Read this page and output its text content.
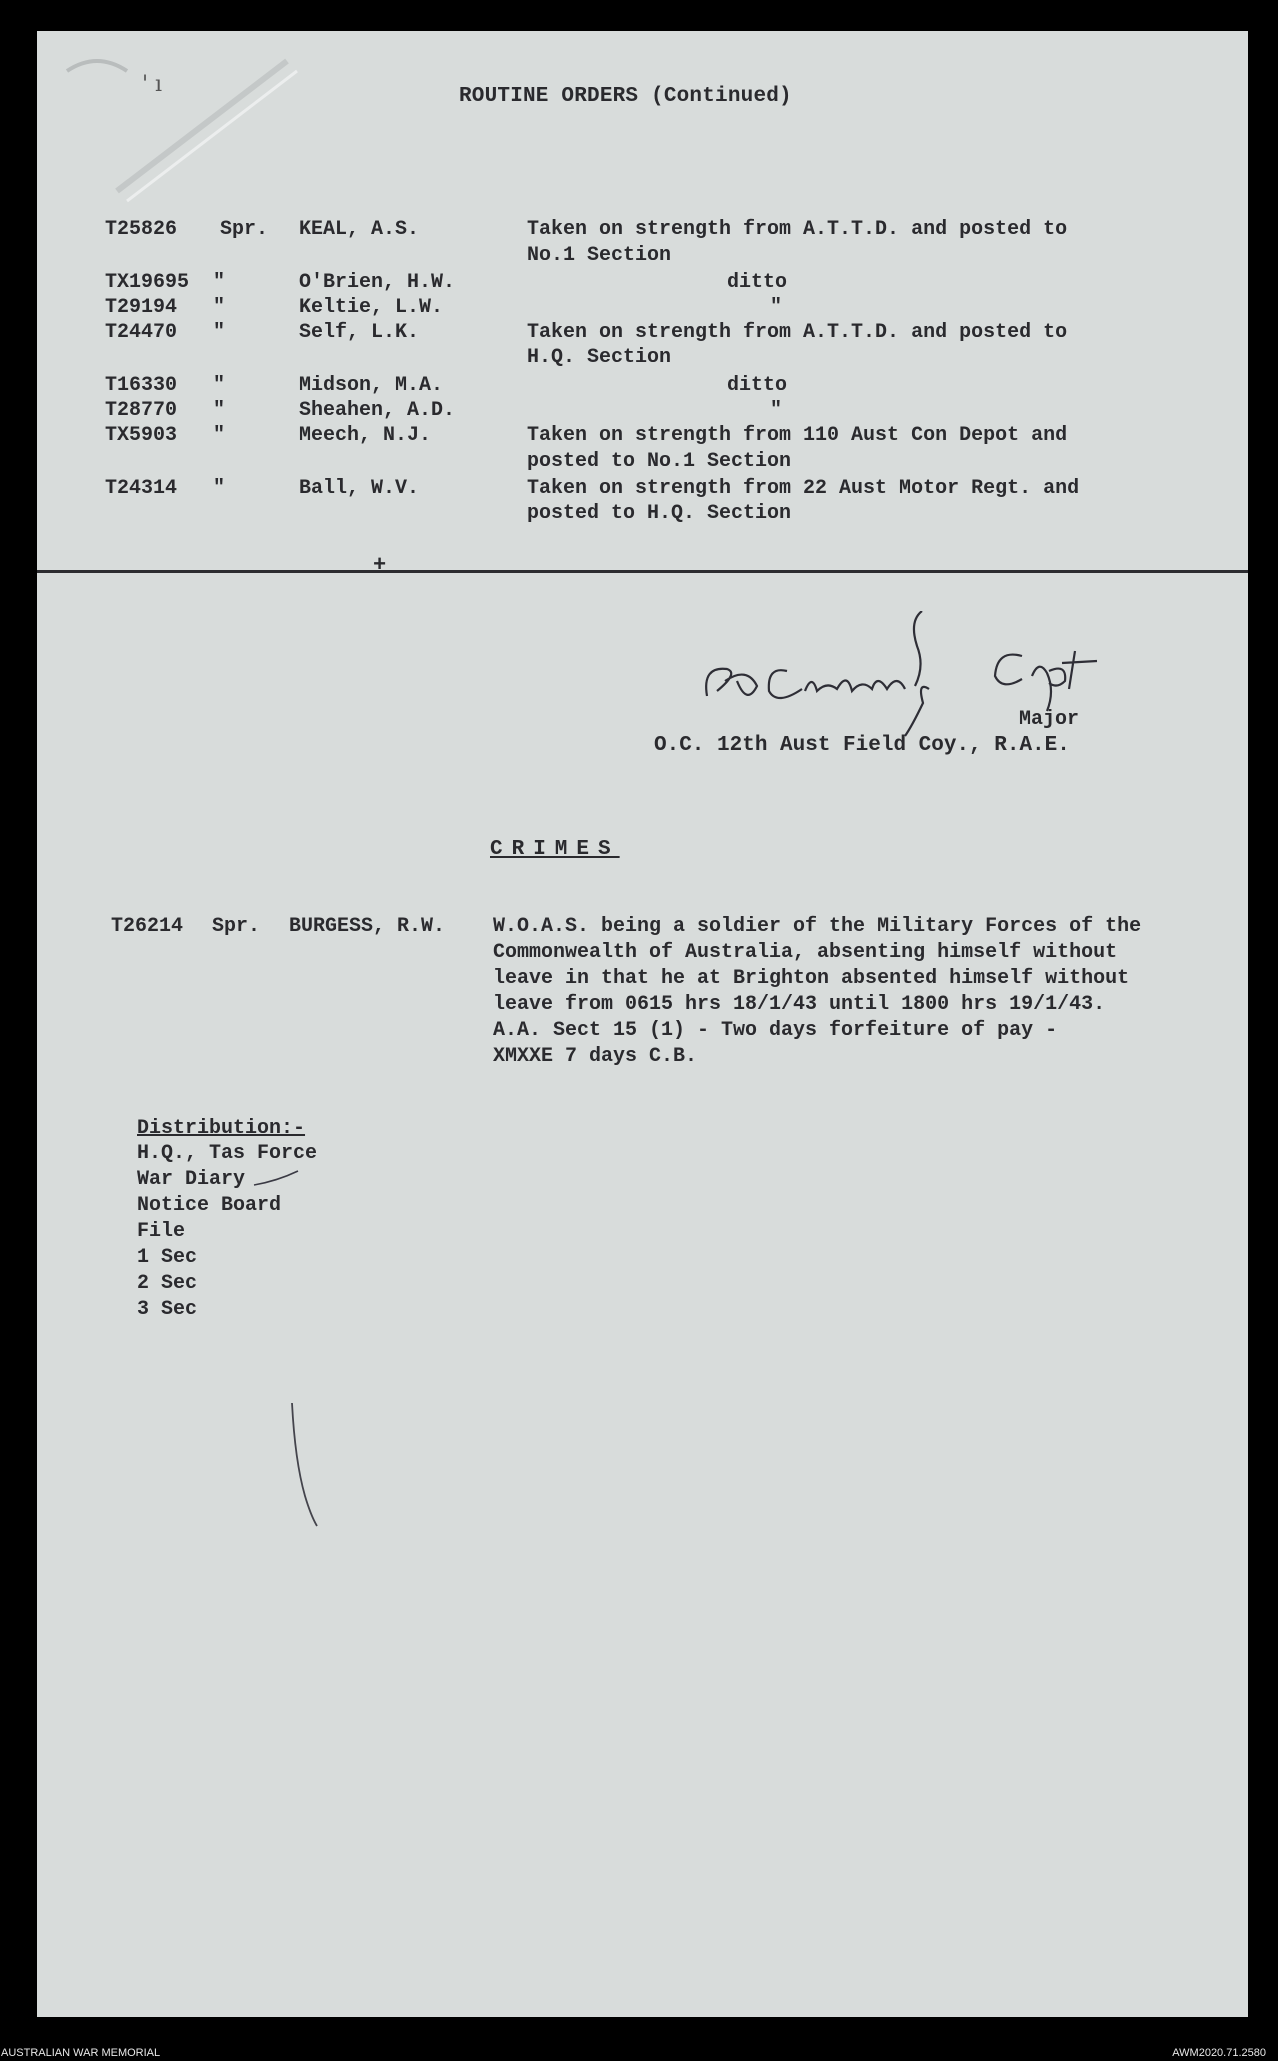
' ı	ROUTINE ORDERS (Continued)
T25826 Spr. KEAL, A.S.	Taken on strength from A.T.T.D. and posted to
No.1 Section
TX19695 "	O'Brien, H.W.	ditto
T29194 "	Keltie, L.W.	"
T24470 "	Self, L.K.	Taken on strength from A.T.T.D. and posted to
H.Q. Section
T16330 "	Midson, M.A.	ditto
T28770 "	Sheahen, A.D.	"
TX5903 "	Meech, N.J.	Taken on strength from 110 Aust Con Depot and
posted to No.1 Section
T24314 "	Ball, W.V.	Taken on strength from 22 Aust Motor Regt. and
posted to H.Q. Section
+
Major
O.C. 12th Aust Field Coy., R.A.E.
CRIMES
T26214 Spr. BURGESS, R.W. W.O.A.S. being a soldier of the Military Forces of the
Commonwealth of Australia, absenting himself without
leave in that he at Brighton absented himself without
leave from 0615 hrs 18/1/43 until 1800 hrs 19/1/43.
A.A. Sect 15 (1) - Two days forfeiture of pay -
XMXXE 7 days C.B.
Distribution:-
H.Q., Tas Force
War Diary
Notice Board
File
1 Sec
2 Sec
3 Sec
AUSTRALIAN WAR MEMORIAL	AWM2020.71.2580
